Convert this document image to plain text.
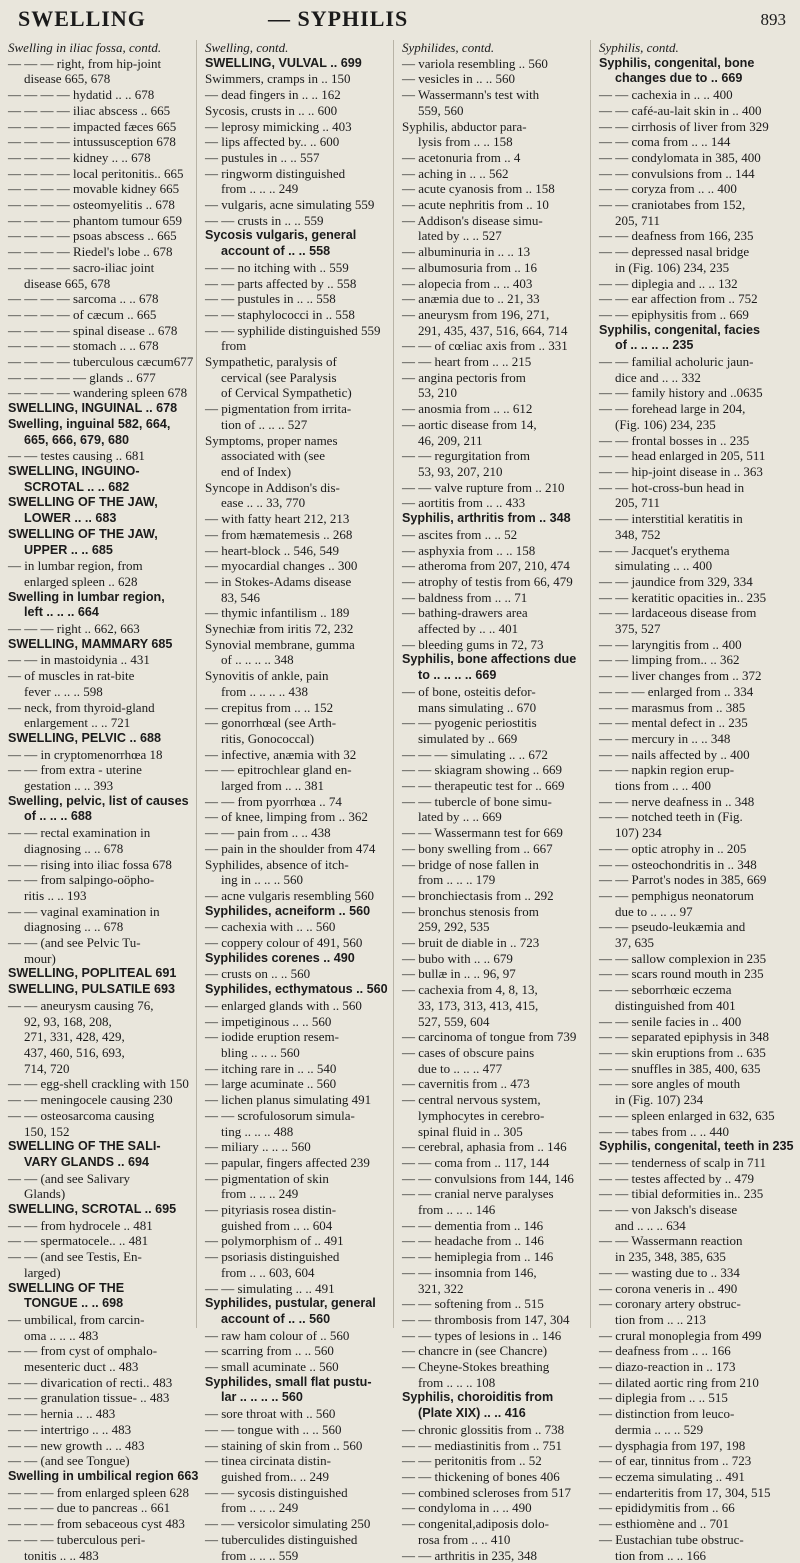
SWELLING	— SYPHILIS	893
Swelling in iliac fossa, contd.
— — — right, from hip-joint
disease 665, 678
— — — — hydatid .. .. 678
— — — — iliac abscess .. 665
— — — — impacted fæces 665
— — — — intussusception 678
— — — — kidney .. .. 678
— — — — local peritonitis.. 665
— — — — movable kidney 665
— — — — osteomyelitis .. 678
— — — — phantom tumour 659
— — — — psoas abscess .. 665
— — — — Riedel's lobe .. 678
— — — — sacro-iliac joint
disease 665, 678
— — — — sarcoma .. .. 678
— — — — of cæcum .. 665
— — — — spinal disease .. 678
— — — — stomach .. .. 678
— — — — tuberculous cæcum677
— — — — — glands .. 677
— — — — wandering spleen 678
SWELLING, INGUINAL .. 678
Swelling, inguinal 582, 664,
665, 666, 679, 680
— — testes causing .. 681
SWELLING, INGUINO-
SCROTAL .. .. 682
SWELLING OF THE JAW,
LOWER .. .. 683
SWELLING OF THE JAW,
UPPER .. .. 685
— in lumbar region, from
enlarged spleen .. 628
Swelling in lumbar region,
left .. .. .. 664
— — — right .. 662, 663
SWELLING, MAMMARY 685
— — in mastoidynia .. 431
— of muscles in rat-bite
fever .. .. .. 598
— neck, from thyroid-gland
enlargement .. .. 721
SWELLING, PELVIC .. 688
— — in cryptomenorrhœa 18
— — from extra - uterine
gestation .. .. 393
Swelling, pelvic, list of causes
of .. .. .. 688
— — rectal examination in
diagnosing .. .. 678
— — rising into iliac fossa 678
— — from salpingo-oöpho-
ritis .. .. 193
— — vaginal examination in
diagnosing .. .. 678
— — (and see Pelvic Tu-
mour)
SWELLING, POPLITEAL 691
SWELLING, PULSATILE 693
— — aneurysm causing 76,
92, 93, 168, 208,
271, 331, 428, 429,
437, 460, 516, 693,
714, 720
— — egg-shell crackling with 150
— — meningocele causing 230
— — osteosarcoma causing
150, 152
SWELLING OF THE SALI-
VARY GLANDS .. 694
— — (and see Salivary
Glands)
SWELLING, SCROTAL .. 695
— — from hydrocele .. 481
— — spermatocele.. .. 481
— — (and see Testis, En-
larged)
SWELLING OF THE
TONGUE .. .. 698
— umbilical, from carcin-
oma .. .. .. 483
— — from cyst of omphalo-
mesenteric duct .. 483
— — divarication of recti.. 483
— — granulation tissue- .. 483
— — hernia .. .. 483
— — intertrigo .. .. 483
— — new growth .. .. 483
— — (and see Tongue)
Swelling in umbilical region 663
— — — from enlarged spleen 628
— — — due to pancreas .. 661
— — — from sebaceous cyst 483
— — — tuberculous peri-
tonitis .. .. 483
Swelling, contd.
SWELLING, VULVAL .. 699
Swimmers, cramps in .. 150
— dead fingers in .. .. 162
Sycosis, crusts in .. .. 600
— leprosy mimicking .. 403
— lips affected by.. .. 600
— pustules in .. .. 557
— ringworm distinguished
from .. .. .. 249
— vulgaris, acne simulating 559
— — crusts in .. .. 559
Sycosis vulgaris, general
account of .. .. 558
— — no itching with .. 559
— — parts affected by .. 558
— — pustules in .. .. 558
— — staphylococci in .. 558
— — syphilide distinguished 559
from
Sympathetic, paralysis of
cervical (see Paralysis
of Cervical Sympathetic)
— pigmentation from irrita-
tion of .. .. .. 527
Symptoms, proper names
associated with (see
end of Index)
Syncope in Addison's dis-
ease .. .. 33, 770
— with fatty heart 212, 213
— from hæmatemesis .. 268
— heart-block .. 546, 549
— myocardial changes .. 300
— in Stokes-Adams disease
83, 546
— thymic infantilism .. 189
Synechiæ from iritis 72, 232
Synovial membrane, gumma
of .. .. .. .. 348
Synovitis of ankle, pain
from .. .. .. .. 438
— crepitus from .. .. 152
— gonorrhœal (see Arth-
ritis, Gonococcal)
— infective, anæmia with 32
— — epitrochlear gland en-
larged from .. .. 381
— — from pyorrhœa .. 74
— of knee, limping from .. 362
— — pain from .. .. 438
— pain in the shoulder from 474
Syphilides, absence of itch-
ing in .. .. .. 560
— acne vulgaris resembling 560
Syphilides, acneiform .. 560
— cachexia with .. .. 560
— coppery colour of 491, 560
Syphilides corenes .. 490
— crusts on .. .. 560
Syphilides, ecthymatous .. 560
— enlarged glands with .. 560
— impetiginous .. .. 560
— iodide eruption resem-
bling .. .. .. 560
— itching rare in .. .. 540
— large acuminate .. 560
— lichen planus simulating 491
— — scrofulosorum simula-
ting .. .. .. 488
— miliary .. .. .. 560
— papular, fingers affected 239
— pigmentation of skin
from .. .. .. 249
— pityriasis rosea distin-
guished from .. .. 604
— polymorphism of .. 491
— psoriasis distinguished
from .. .. 603, 604
— — simulating .. .. 491
Syphilides, pustular, general
account of .. .. 560
— raw ham colour of .. 560
— scarring from .. .. 560
— small acuminate .. 560
Syphilides, small flat pustu-
lar .. .. .. .. 560
— sore throat with .. 560
— — tongue with .. .. 560
— staining of skin from .. 560
— tinea circinata distin-
guished from.. .. 249
— — sycosis distinguished
from .. .. .. 249
— — versicolor simulating 250
— tuberculides distinguished
from .. .. .. 559
Syphilides, contd.
— variola resembling .. 560
— vesicles in .. .. 560
— Wassermann's test with
559, 560
Syphilis, abductor para-
lysis from .. .. 158
— acetonuria from .. 4
— aching in .. .. 562
— acute cyanosis from .. 158
— acute nephritis from .. 10
— Addison's disease simu-
lated by .. .. 527
— albuminuria in .. .. 13
— albumosuria from .. 16
— alopecia from .. .. 403
— anæmia due to .. 21, 33
— aneurysm from 196, 271,
291, 435, 437, 516, 664, 714
— — of cœliac axis from .. 331
— — heart from .. .. 215
— angina pectoris from
53, 210
— anosmia from .. .. 612
— aortic disease from 14,
46, 209, 211
— — regurgitation from
53, 93, 207, 210
— — valve rupture from .. 210
— aortitis from .. .. 433
Syphilis, arthritis from .. 348
— ascites from .. .. 52
— asphyxia from .. .. 158
— atheroma from 207, 210, 474
— atrophy of testis from 66, 479
— baldness from .. .. 71
— bathing-drawers area
affected by .. .. 401
— bleeding gums in 72, 73
Syphilis, bone affections due
to .. .. .. .. 669
— of bone, osteitis defor-
mans simulating .. 670
— — pyogenic periostitis
simulated by .. 669
— — — simulating .. .. 672
— — skiagram showing .. 669
— — therapeutic test for .. 669
— — tubercle of bone simu-
lated by .. .. 669
— — Wassermann test for 669
— bony swelling from .. 667
— bridge of nose fallen in
from .. .. .. 179
— bronchiectasis from .. 292
— bronchus stenosis from
259, 292, 535
— bruit de diable in .. 723
— bubo with .. .. 679
— bullæ in .. .. 96, 97
— cachexia from 4, 8, 13,
33, 173, 313, 413, 415,
527, 559, 604
— carcinoma of tongue from 739
— cases of obscure pains
due to .. .. .. 477
— cavernitis from .. 473
— central nervous system,
lymphocytes in cerebro-
spinal fluid in .. 305
— cerebral, aphasia from .. 146
— — coma from .. 117, 144
— — convulsions from 144, 146
— — cranial nerve paralyses
from .. .. .. 146
— — dementia from .. 146
— — headache from .. 146
— — hemiplegia from .. 146
— — insomnia from 146,
321, 322
— — softening from .. 515
— — thrombosis from 147, 304
— — types of lesions in .. 146
— chancre in (see Chancre)
— Cheyne-Stokes breathing
from .. .. .. 108
Syphilis, choroiditis from
(Plate XIX) .. .. 416
— chronic glossitis from .. 738
— — mediastinitis from .. 751
— — peritonitis from .. 52
— — thickening of bones 406
— combined scleroses from 517
— condyloma in .. .. 490
— congenital,adiposis dolo-
rosa from .. .. 410
— — arthritis in 235, 348
Syphilis, contd.
Syphilis, congenital, bone
changes due to .. 669
— — cachexia in .. .. 400
— — café-au-lait skin in .. 400
— — cirrhosis of liver from 329
— — coma from .. .. 144
— — condylomata in 385, 400
— — convulsions from .. 144
— — coryza from .. .. 400
— — craniotabes from 152,
205, 711
— — deafness from 166, 235
— — depressed nasal bridge
in (Fig. 106) 234, 235
— — diplegia and .. .. 132
— — ear affection from .. 752
— — epiphysitis from .. 669
Syphilis, congenital, facies
of .. .. .. .. 235
— — familial acholuric jaun-
dice and .. .. 332
— — family history and ..0635
— — forehead large in 204,
(Fig. 106) 234, 235
— — frontal bosses in .. 235
— — head enlarged in 205, 511
— — hip-joint disease in .. 363
— — hot-cross-bun head in
205, 711
— — interstitial keratitis in
348, 752
— — Jacquet's erythema
simulating .. .. 400
— — jaundice from 329, 334
— — keratitic opacities in.. 235
— — lardaceous disease from
375, 527
— — laryngitis from .. 400
— — limping from.. .. 362
— — liver changes from .. 372
— — — enlarged from .. 334
— — marasmus from .. 385
— — mental defect in .. 235
— — mercury in .. .. 348
— — nails affected by .. 400
— — napkin region erup-
tions from .. .. 400
— — nerve deafness in .. 348
— — notched teeth in (Fig.
107) 234
— — optic atrophy in .. 205
— — osteochondritis in .. 348
— — Parrot's nodes in 385, 669
— — pemphigus neonatorum
due to .. .. .. 97
— — pseudo-leukæmia and
37, 635
— — sallow complexion in 235
— — scars round mouth in 235
— — seborrhœic eczema
distinguished from 401
— — senile facies in .. 400
— — separated epiphysis in 348
— — skin eruptions from .. 635
— — snuffles in 385, 400, 635
— — sore angles of mouth
in (Fig. 107) 234
— — spleen enlarged in 632, 635
— — tabes from .. .. 440
Syphilis, congenital, teeth in 235
— — tenderness of scalp in 711
— — testes affected by .. 479
— — tibial deformities in.. 235
— — von Jaksch's disease
and .. .. .. 634
— — Wassermann reaction
in 235, 348, 385, 635
— — wasting due to .. 334
— corona veneris in .. 490
— coronary artery obstruc-
tion from .. .. 213
— crural monoplegia from 499
— deafness from .. .. 166
— diazo-reaction in .. 173
— dilated aortic ring from 210
— diplegia from .. .. 515
— distinction from leuco-
dermia .. .. .. 529
— dysphagia from 197, 198
— of ear, tinnitus from .. 723
— eczema simulating .. 491
— endarteritis from 17, 304, 515
— epididymitis from .. 66
— esthiomène and .. 701
— Eustachian tube obstruc-
tion from .. .. 166
